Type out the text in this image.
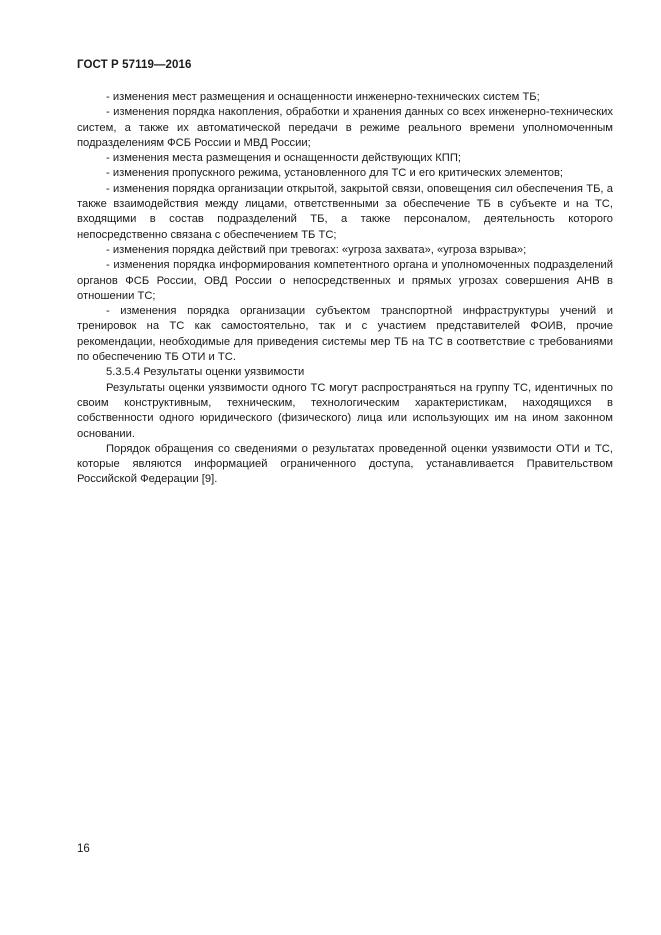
ГОСТ Р 57119—2016

- изменения мест размещения и оснащенности инженерно-технических систем ТБ;

- изменения порядка накопления, обработки и хранения данных со всех инженерно-технических систем, а также их автоматической передачи в режиме реального времени уполномоченным подразделениям ФСБ России и МВД России;

- изменения места размещения и оснащенности действующих КПП;

- изменения пропускного режима, установленного для ТС и его критических элементов;

- изменения порядка организации открытой, закрытой связи, оповещения сил обеспечения ТБ, а также взаимодействия между лицами, ответственными за обеспечение ТБ в субъекте и на ТС, входящими в состав подразделений ТБ, а также персоналом, деятельность которого непосредственно связана с обеспечением ТБ ТС;

- изменения порядка действий при тревогах: «угроза захвата», «угроза взрыва»;

- изменения порядка информирования компетентного органа и уполномоченных подразделений органов ФСБ России, ОВД России о непосредственных и прямых угрозах совершения АНВ в отношении ТС;

- изменения порядка организации субъектом транспортной инфраструктуры учений и тренировок на ТС как самостоятельно, так и с участием представителей ФОИВ, прочие рекомендации, необходимые для приведения системы мер ТБ на ТС в соответствие с требованиями по обеспечению ТБ ОТИ и ТС.

5.3.5.4 Результаты оценки уязвимости

Результаты оценки уязвимости одного ТС могут распространяться на группу ТС, идентичных по своим конструктивным, техническим, технологическим характеристикам, находящихся в собственности одного юридического (физического) лица или использующих им на ином законном основании.

Порядок обращения со сведениями о результатах проведенной оценки уязвимости ОТИ и ТС, которые являются информацией ограниченного доступа, устанавливается Правительством Российской Федерации [9].

16
